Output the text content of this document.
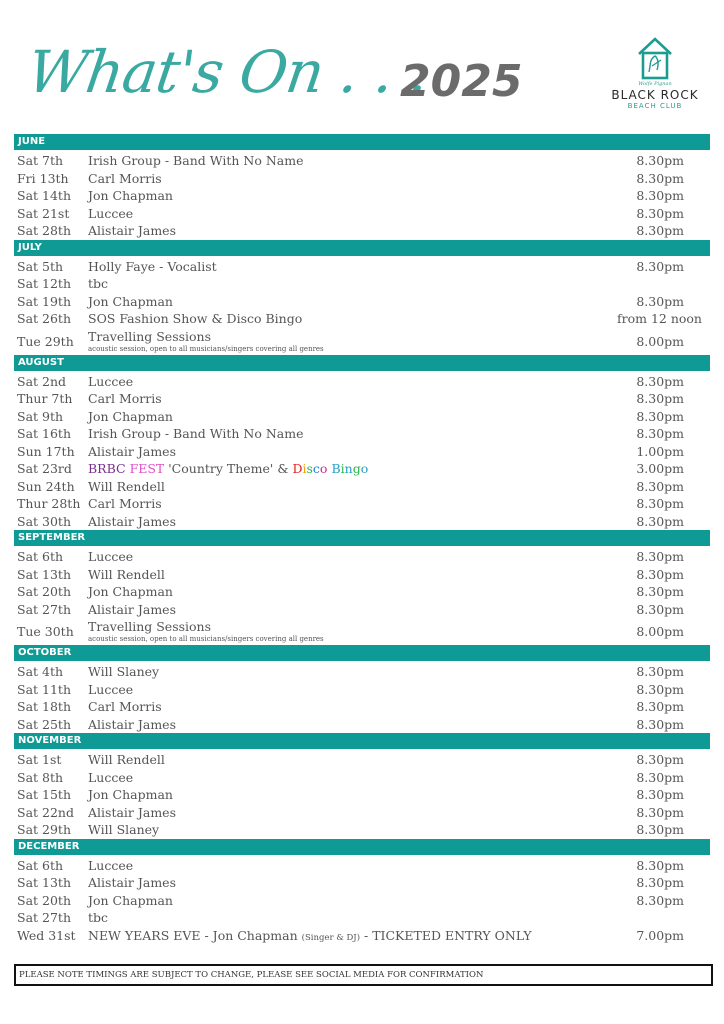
What's On . . .
2025	Wolfe Pignan
BLACK ROCK
BEACH CLUB
JUNE
Sat 7th Irish Group - Band With No Name	8.30pm
Fri 13th Carl Morris	8.30pm
Sat 14th Jon Chapman	8.30pm
Sat 21st Luccee	8.30pm
Sat 28th Alistair James	8.30pm
JULY
Sat 5th Holly Faye - Vocalist	8.30pm
Sat 12th tbc
Sat 19th Jon Chapman	8.30pm
Sat 26th SOS Fashion Show & Disco Bingo	from 12 noon
Tue 29th Travelling Sessions
acoustic session, open to all musicians/singers covering all genres	8.00pm
AUGUST
Sat 2nd Luccee	8.30pm
Thur 7th Carl Morris	8.30pm
Sat 9th Jon Chapman	8.30pm
Sat 16th Irish Group - Band With No Name	8.30pm
Sun 17th Alistair James	1.00pm
Sat 23rd BRBC FEST 'Country Theme' & Disco Bingo	3.00pm
Sun 24th Will Rendell	8.30pm
Thur 28th Carl Morris	8.30pm
Sat 30th Alistair James	8.30pm
SEPTEMBER
Sat 6th Luccee	8.30pm
Sat 13th Will Rendell	8.30pm
Sat 20th Jon Chapman	8.30pm
Sat 27th Alistair James	8.30pm
Tue 30th Travelling Sessions
acoustic session, open to all musicians/singers covering all genres	8.00pm
OCTOBER
Sat 4th Will Slaney	8.30pm
Sat 11th Luccee	8.30pm
Sat 18th Carl Morris	8.30pm
Sat 25th Alistair James	8.30pm
NOVEMBER
Sat 1st Will Rendell	8.30pm
Sat 8th Luccee	8.30pm
Sat 15th Jon Chapman	8.30pm
Sat 22nd Alistair James	8.30pm
Sat 29th Will Slaney	8.30pm
DECEMBER
Sat 6th Luccee	8.30pm
Sat 13th Alistair James	8.30pm
Sat 20th Jon Chapman	8.30pm
Sat 27th tbc
Wed 31st NEW YEARS EVE - Jon Chapman (Singer & DJ) - TICKETED ENTRY ONLY	7.00pm
PLEASE NOTE TIMINGS ARE SUBJECT TO CHANGE, PLEASE SEE SOCIAL MEDIA FOR CONFIRMATION
